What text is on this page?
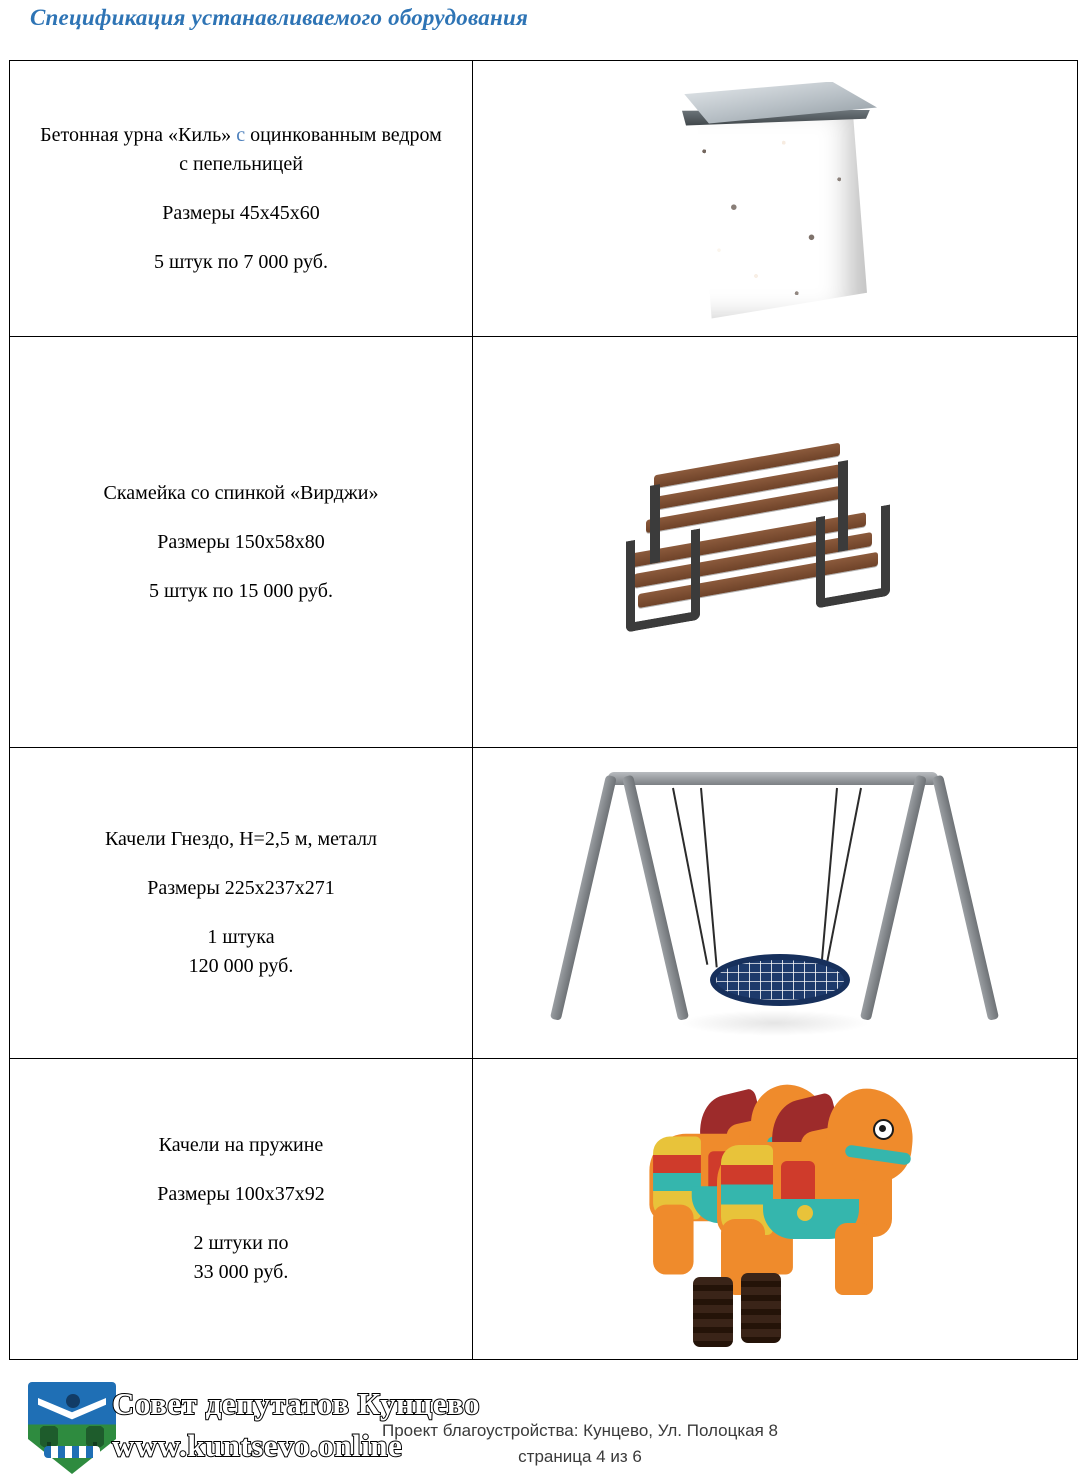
Спецификация устанавливаемого оборудования

Бетонная урна «Киль» с оцинкованным ведром с пепельницей

Размеры 45х45х60

5 штук по 7 000 руб.	

Скамейка со спинкой «Вирджи»

Размеры 150х58х80

5 штук по 15 000 руб.	

Качели Гнездо, Н=2,5 м, металл

Размеры 225х237х271

1 штука

120 000 руб.	

Качели на пружине

Размеры 100х37х92

2 штуки по

33 000 руб.	

Совет депутатов Кунцево
www.kuntsevo.online
Проект благоустройства: Кунцево, Ул. Полоцкая 8
страница 4 из 6
